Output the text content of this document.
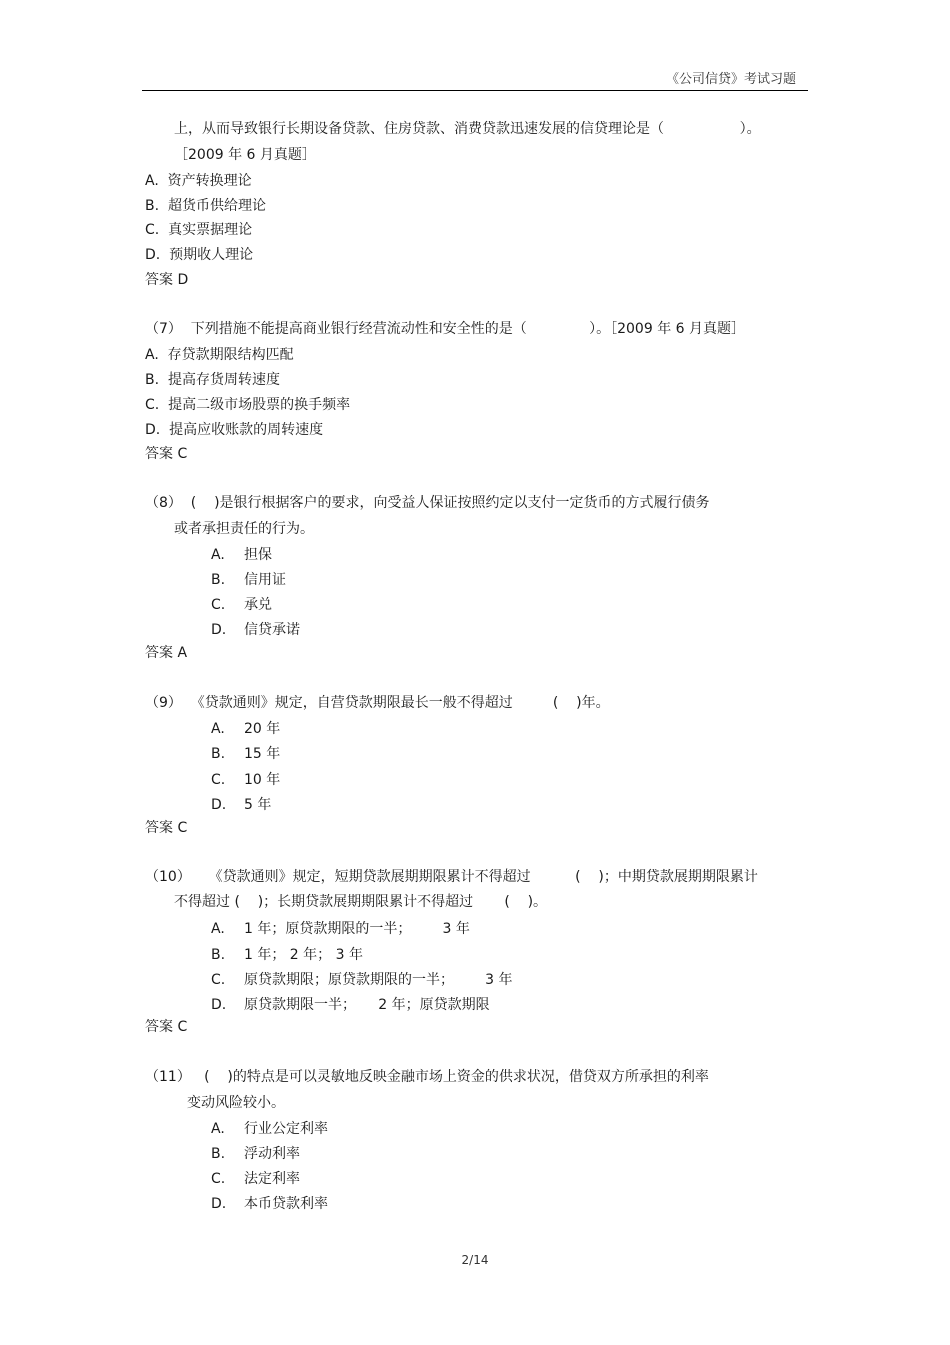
《公司信贷》考试习题
上，从而导致银行长期设备贷款、住房贷款、消费贷款迅速发展的信贷理论是（                 ）。
［2009 年 6 月真题］
A.  资产转换理论
B.  超货币供给理论
C.  真实票据理论
D.  预期收人理论
答案 D
（7）  下列措施不能提高商业银行经营流动性和安全性的是（              ）。［2009 年 6 月真题］
A.  存贷款期限结构匹配
B.  提高存货周转速度
C.  提高二级市场股票的换手频率
D.  提高应收账款的周转速度
答案 C
（8）  (    )是银行根据客户的要求，向受益人保证按照约定以支付一定货币的方式履行债务
或者承担责任的行为。
A. 担保
B. 信用证
C. 承兑
D. 信贷承诺
答案 A
（9）  《贷款通则》规定，自营贷款期限最长一般不得超过         (    )年。
A. 20 年
B. 15 年
C. 10 年
D. 5 年
答案 C
（10）    《贷款通则》规定，短期贷款展期期限累计不得超过          (    )；中期贷款展期期限累计
不得超过 (    )；长期贷款展期期限累计不得超过       (    )。
A. 1 年；原贷款期限的一半；       3 年
B. 1 年； 2 年； 3 年
C. 原贷款期限；原贷款期限的一半；       3 年
D. 原贷款期限一半；     2 年；原贷款期限
答案 C
（11）   (    )的特点是可以灵敏地反映金融市场上资金的供求状况，借贷双方所承担的利率
变动风险较小。
A. 行业公定利率
B. 浮动利率
C. 法定利率
D. 本币贷款利率
2/14
